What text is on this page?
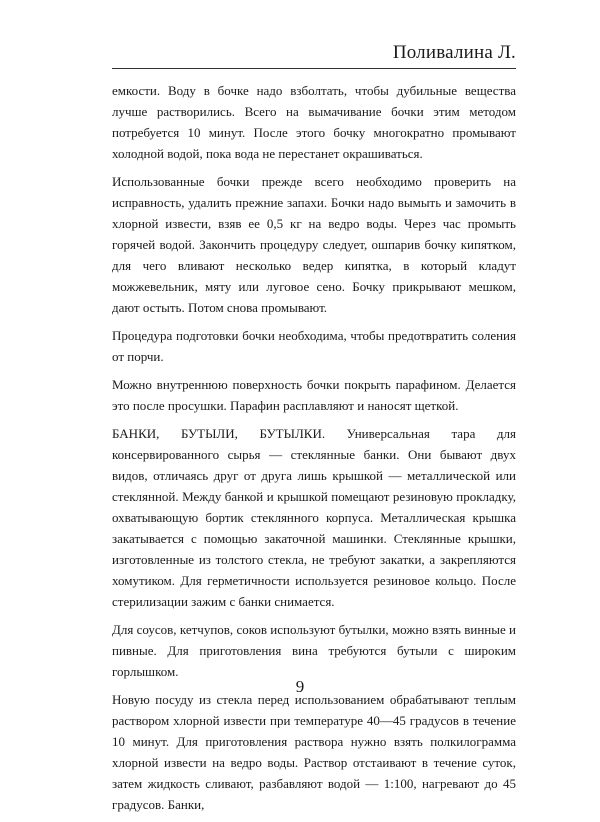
Поливалина Л.

емкости. Воду в бочке надо взболтать, чтобы дубильные вещества лучше растворились. Всего на вымачивание бочки этим методом потребуется 10 минут. После этого бочку многократно промывают холодной водой, пока вода не перестанет окрашиваться.

Использованные бочки прежде всего необходимо проверить на исправность, удалить прежние запахи. Бочки надо вымыть и замочить в хлорной извести, взяв ее 0,5 кг на ведро воды. Через час промыть горячей водой. Закончить процедуру следует, ошпарив бочку кипятком, для чего вливают несколько ведер кипятка, в который кладут можжевельник, мяту или луговое сено. Бочку прикрывают мешком, дают остыть. Потом снова промывают.

Процедура подготовки бочки необходима, чтобы предотвратить соления от порчи.

Можно внутреннюю поверхность бочки покрыть парафином. Делается это после просушки. Парафин расплавляют и наносят щеткой.

БАНКИ, БУТЫЛИ, БУТЫЛКИ. Универсальная тара для консервированного сырья — стеклянные банки. Они бывают двух видов, отличаясь друг от друга лишь крышкой — металлической или стеклянной. Между банкой и крышкой помещают резиновую прокладку, охватывающую бортик стеклянного корпуса. Металлическая крышка закатывается с помощью закаточной машинки. Стеклянные крышки, изготовленные из толстого стекла, не требуют закатки, а закрепляются хомутиком. Для герметичности используется резиновое кольцо. После стерилизации зажим с банки снимается.

Для соусов, кетчупов, соков используют бутылки, можно взять винные и пивные. Для приготовления вина требуются бутыли с широким горлышком.

Новую посуду из стекла перед использованием обрабатывают теплым раствором хлорной извести при температуре 40—45 градусов в течение 10 минут. Для приготовления раствора нужно взять полкилограмма хлорной извести на ведро воды. Раствор отстаивают в течение суток, затем жидкость сливают, разбавляют водой — 1:100, нагревают до 45 градусов. Банки,

9
